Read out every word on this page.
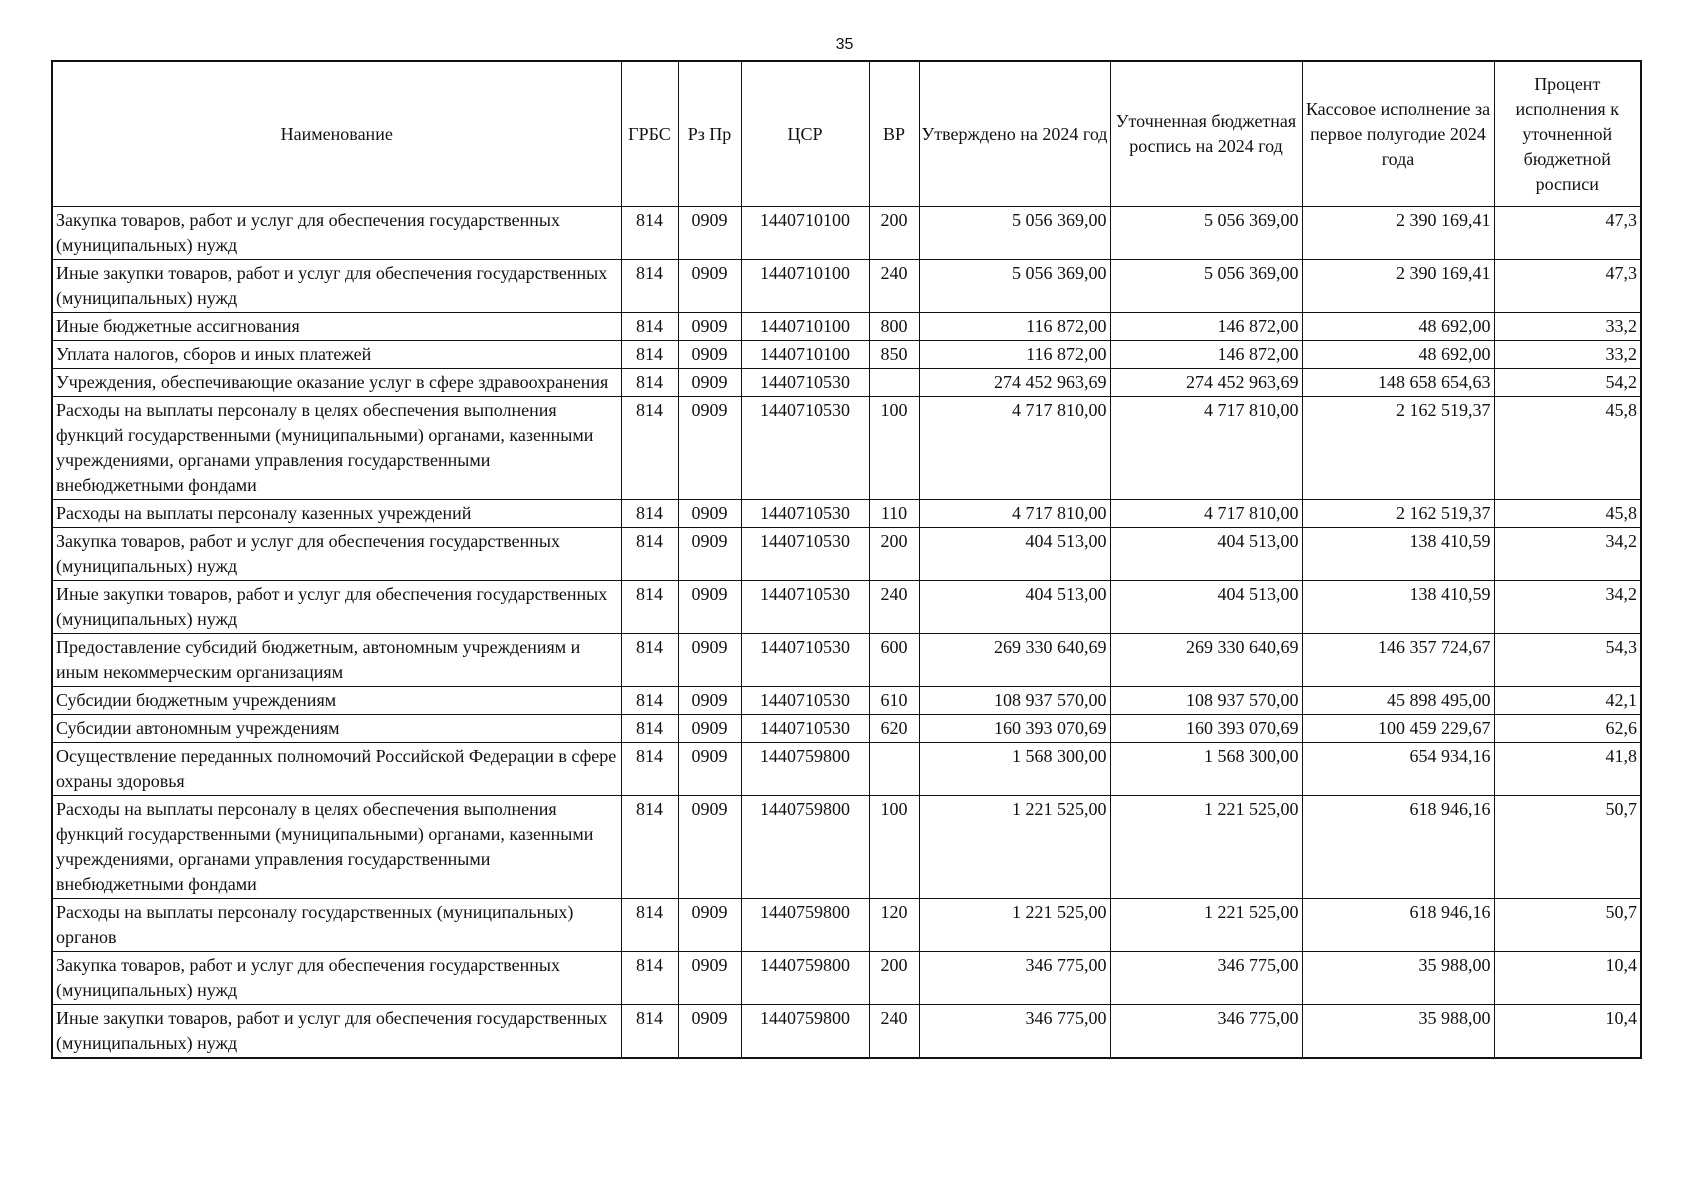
35
Наименование	ГРБС	Рз Пр	ЦСР	ВР	Утверждено на 2024 год	Уточненная бюджетная роспись на 2024 год	Кассовое исполнение за первое полугодие 2024 года	Процент исполнения к уточненной бюджетной росписи
Закупка товаров, работ и услуг для обеспечения государственных (муниципальных) нужд	814	0909	1440710100	200	5 056 369,00	5 056 369,00	2 390 169,41	47,3
Иные закупки товаров, работ и услуг для обеспечения государственных (муниципальных) нужд	814	0909	1440710100	240	5 056 369,00	5 056 369,00	2 390 169,41	47,3
Иные бюджетные ассигнования	814	0909	1440710100	800	116 872,00	146 872,00	48 692,00	33,2
Уплата налогов, сборов и иных платежей	814	0909	1440710100	850	116 872,00	146 872,00	48 692,00	33,2
Учреждения, обеспечивающие оказание услуг в сфере здравоохранения	814	0909	1440710530		274 452 963,69	274 452 963,69	148 658 654,63	54,2
Расходы на выплаты персоналу в целях обеспечения выполнения функций государственными (муниципальными) органами, казенными учреждениями, органами управления государственными внебюджетными фондами	814	0909	1440710530	100	4 717 810,00	4 717 810,00	2 162 519,37	45,8
Расходы на выплаты персоналу казенных учреждений	814	0909	1440710530	110	4 717 810,00	4 717 810,00	2 162 519,37	45,8
Закупка товаров, работ и услуг для обеспечения государственных (муниципальных) нужд	814	0909	1440710530	200	404 513,00	404 513,00	138 410,59	34,2
Иные закупки товаров, работ и услуг для обеспечения государственных (муниципальных) нужд	814	0909	1440710530	240	404 513,00	404 513,00	138 410,59	34,2
Предоставление субсидий бюджетным, автономным учреждениям и иным некоммерческим организациям	814	0909	1440710530	600	269 330 640,69	269 330 640,69	146 357 724,67	54,3
Субсидии бюджетным учреждениям	814	0909	1440710530	610	108 937 570,00	108 937 570,00	45 898 495,00	42,1
Субсидии автономным учреждениям	814	0909	1440710530	620	160 393 070,69	160 393 070,69	100 459 229,67	62,6
Осуществление переданных полномочий Российской Федерации в сфере охраны здоровья	814	0909	1440759800		1 568 300,00	1 568 300,00	654 934,16	41,8
Расходы на выплаты персоналу в целях обеспечения выполнения функций государственными (муниципальными) органами, казенными учреждениями, органами управления государственными внебюджетными фондами	814	0909	1440759800	100	1 221 525,00	1 221 525,00	618 946,16	50,7
Расходы на выплаты персоналу государственных (муниципальных) органов	814	0909	1440759800	120	1 221 525,00	1 221 525,00	618 946,16	50,7
Закупка товаров, работ и услуг для обеспечения государственных (муниципальных) нужд	814	0909	1440759800	200	346 775,00	346 775,00	35 988,00	10,4
Иные закупки товаров, работ и услуг для обеспечения государственных (муниципальных) нужд	814	0909	1440759800	240	346 775,00	346 775,00	35 988,00	10,4
